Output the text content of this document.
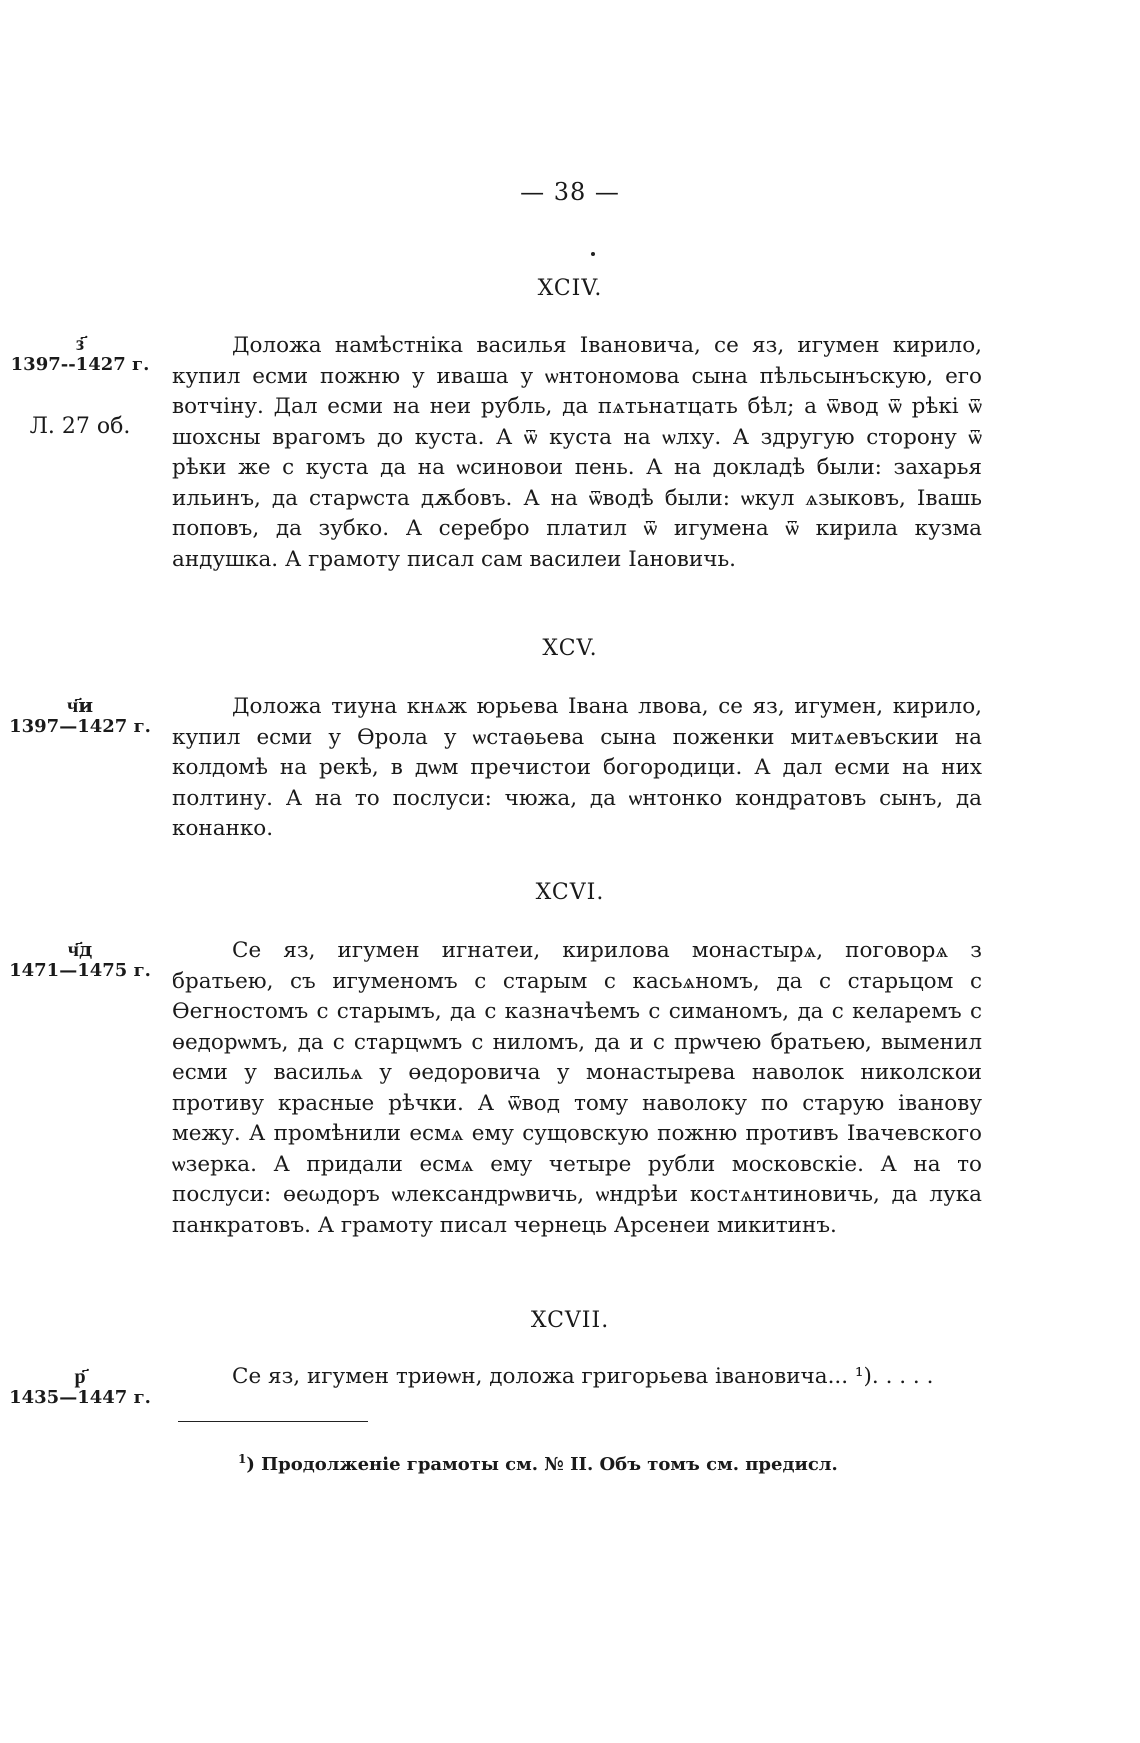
— 38 —
XCIV.
з҃
1397--1427 г.
Л. 27 об.

Доложа намѣстніка василья Івановича, се яз, игумен кирило, купил есми пожню у иваша у ѡнтономова сына пѣльсынъскую, его вотчіну. Дал есми на неи рубль, да пѧтьнатцать бѣл; а ѿвод ѿ рѣкі ѿ шохсны врагомъ до куста. А ѿ куста на ѡлху. А здругую сторону ѿ рѣки же с куста да на ѡсиновои пень. А на докладѣ были: захарья ильинъ, да старѡста дѫбовъ. А на ѿводѣ были: ѡкул ѧзыковъ, Івашь поповъ, да зубко. А серебро платил ѿ игумена ѿ кирила кузма андушка. А грамоту писал сам василеи Іановичь.

XCV.
ч҃и
1397—1427 г.

Доложа тиуна кнѧж юрьева Івана лвова, се яз, игумен, кирило, купил есми у Өрола у ѡстаѳьева сына поженки митѧевъскии на колдомѣ на рекѣ, в дѡм пречистои богородици. А дал есми на них полтину. А на то послуси: чюжа, да ѡнтонко кондратовъ сынъ, да конанко.

XCVI.
ч҃д
1471—1475 г.

Се яз, игумен игнатеи, кирилова монастырѧ, поговорѧ з братьею, съ игуменомъ с старым с касьѧномъ, да с старьцом с Өегностомъ с старымъ, да с казначѣемъ с симаномъ, да с келаремъ с өедорѡмъ, да с старцѡмъ с ниломъ, да и с прѡчею братьею, выменил есми у васильѧ у өедоровича у монастырева наволок николскои противу красные рѣчки. А ѿвод тому наволоку по старую іванову межу. А промѣнили есмѧ ему сущовскую пожню противъ Івачевского ѡзерка. А придали есмѧ ему четыре рубли московскіе. А на то послуси: өеωдоръ ѡлександрѡвичь, ѡндрѣи костѧнтиновичь, да лука панкратовъ. А грамоту писал чернець Арсенеи микитинъ.

XCVII.
р҃
1435—1447 г.

Се яз, игумен триѳѡн, доложа григорьева івановича... ¹). . . . .

$^1$) Продолженіе грамоты см. № II. Объ томъ см. предисл.
